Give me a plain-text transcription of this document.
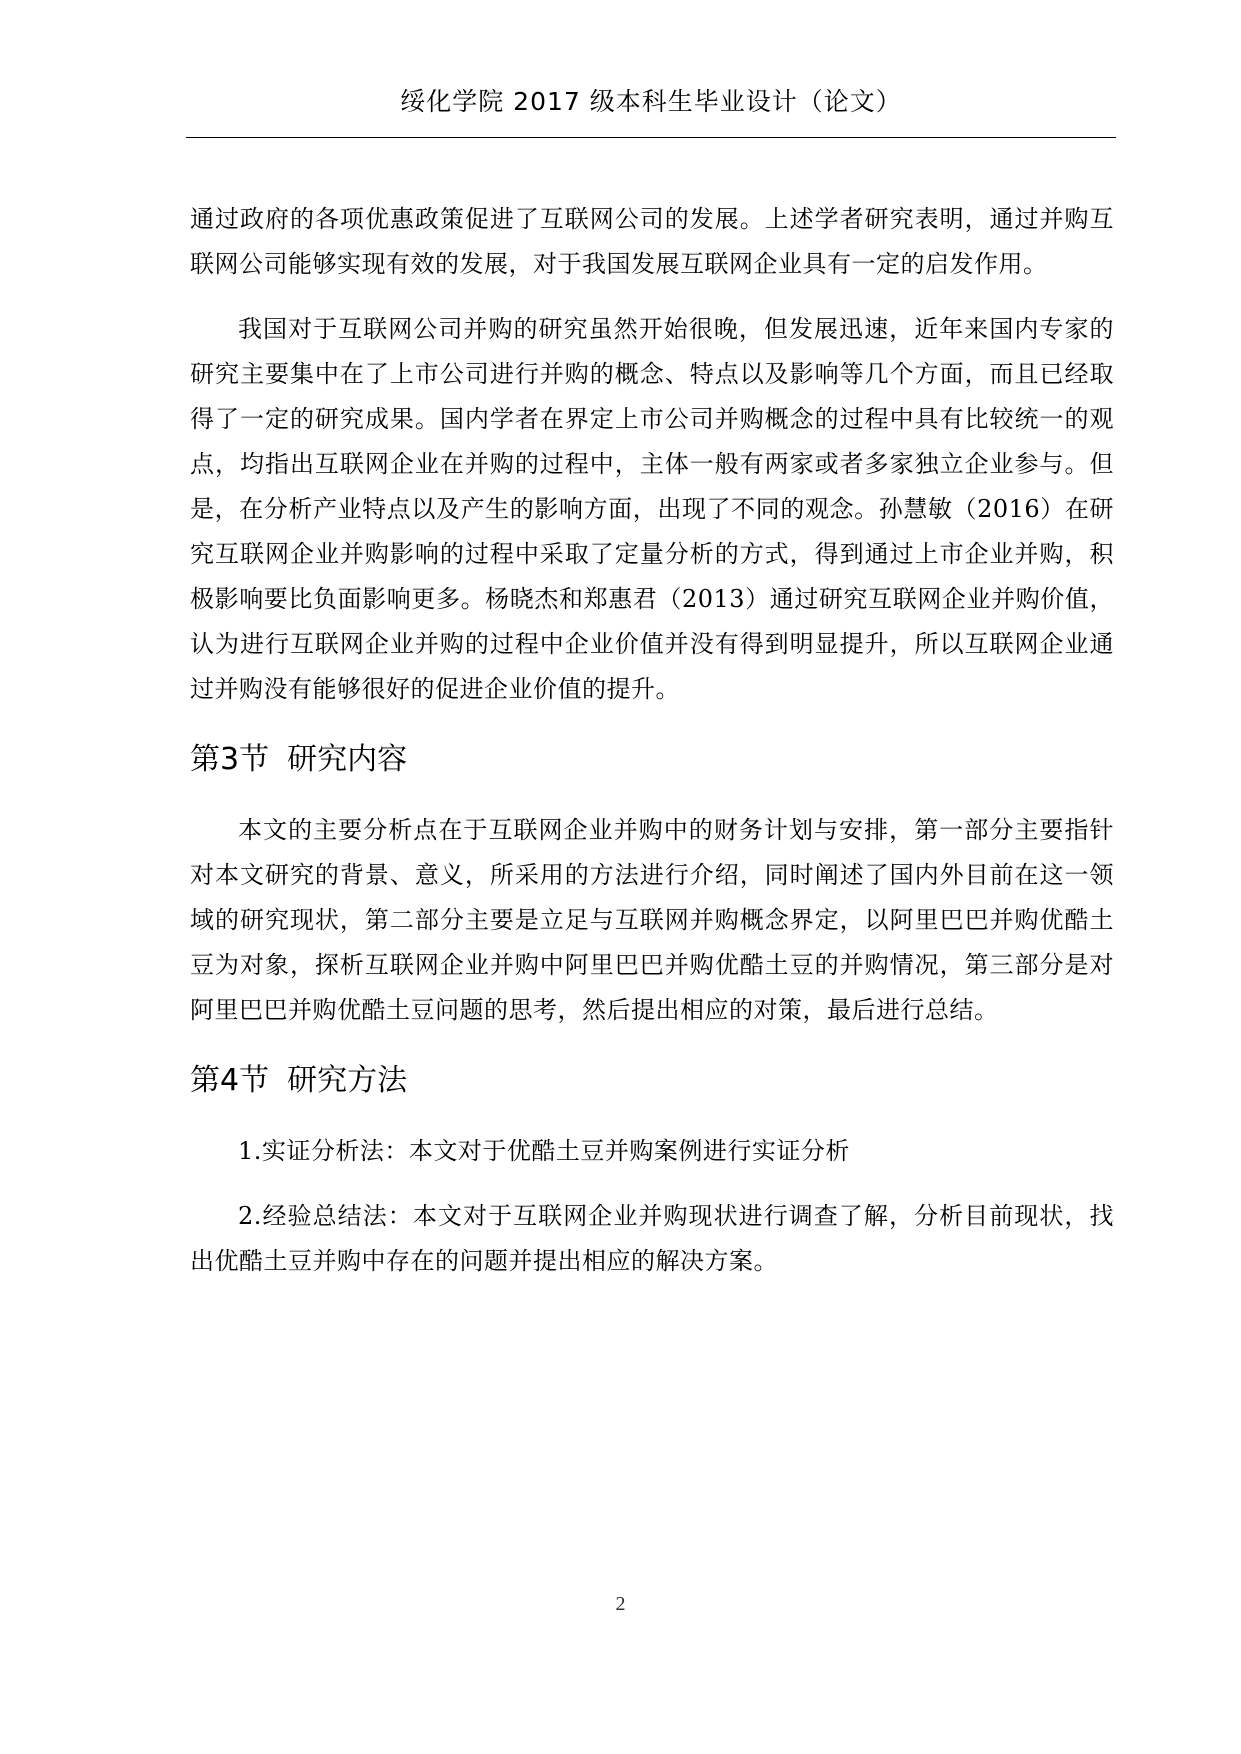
绥化学院 2017 级本科生毕业设计（论文）

通过政府的各项优惠政策促进了互联网公司的发展。上述学者研究表明，通过并购互联网公司能够实现有效的发展，对于我国发展互联网企业具有一定的启发作用。

我国对于互联网公司并购的研究虽然开始很晚，但发展迅速，近年来国内专家的研究主要集中在了上市公司进行并购的概念、特点以及影响等几个方面，而且已经取得了一定的研究成果。国内学者在界定上市公司并购概念的过程中具有比较统一的观点，均指出互联网企业在并购的过程中，主体一般有两家或者多家独立企业参与。但是，在分析产业特点以及产生的影响方面，出现了不同的观念。孙慧敏（2016）在研究互联网企业并购影响的过程中采取了定量分析的方式，得到通过上市企业并购，积极影响要比负面影响更多。杨晓杰和郑惠君（2013）通过研究互联网企业并购价值，认为进行互联网企业并购的过程中企业价值并没有得到明显提升，所以互联网企业通过并购没有能够很好的促进企业价值的提升。

第3节 研究内容

本文的主要分析点在于互联网企业并购中的财务计划与安排，第一部分主要指针对本文研究的背景、意义，所采用的方法进行介绍，同时阐述了国内外目前在这一领域的研究现状，第二部分主要是立足与互联网并购概念界定，以阿里巴巴并购优酷土豆为对象，探析互联网企业并购中阿里巴巴并购优酷土豆的并购情况，第三部分是对阿里巴巴并购优酷土豆问题的思考，然后提出相应的对策，最后进行总结。

第4节 研究方法

1.实证分析法：本文对于优酷土豆并购案例进行实证分析

2.经验总结法：本文对于互联网企业并购现状进行调查了解，分析目前现状，找出优酷土豆并购中存在的问题并提出相应的解决方案。

2
